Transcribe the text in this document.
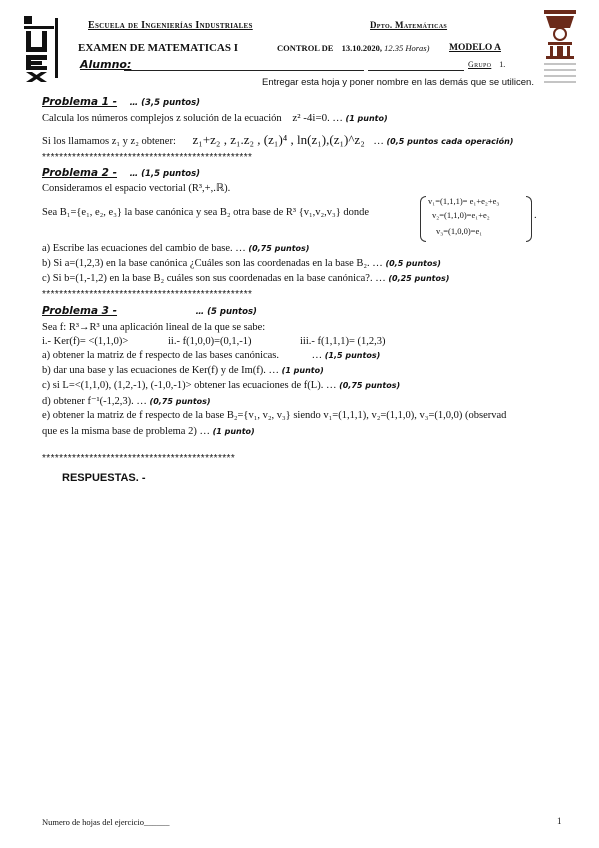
Escuela de Ingenierías Industriales	Dpto. Matemáticas
EXAMEN DE MATEMATICAS I	CONTROL DE 13.10.2020, 12.35 Horas) MODELO A
Alumno:	Grupo 1.
Entregar esta hoja y poner nombre en las demás que se utilicen.
Problema 1 - … (3,5 puntos)
Calcula los números complejos z solución de la ecuación z² -4i=0. … (1 punto)
Si los llamamos z₁ y z₂ obtener: z₁+z₂ , z₁.z₂ , (z₁)⁴ , ln(z₁),(z₁)^z₂ … (0,5 puntos cada operación)
*************************************************
Problema 2 - … (1,5 puntos)
Consideramos el espacio vectorial (R³,+,.ℝ).
Sea B₁={e₁, e₂, e₃} la base canónica y sea B₂ otra base de R³ {v₁,v₂,v₃} donde
v₁=(1,1,1)= e₁+e₂+e₃
v₂=(1,1,0)=e₁+e₂
v₃=(1,0,0)=e₁
.
a) Escribe las ecuaciones del cambio de base. … (0,75 puntos)
b) Si a=(1,2,3) en la base canónica ¿Cuáles son las coordenadas en la base B₂. … (0,5 puntos)
c) Si b=(1,-1,2) en la base B₂ cuáles son sus coordenadas en la base canónica?. … (0,25 puntos)
*************************************************
Problema 3 -	… (5 puntos)
Sea f: R³→R³ una aplicación lineal de la que se sabe:
i.- Ker(f)= <(1,1,0)>	ii.- f(1,0,0)=(0,1,-1)	iii.- f(1,1,1)= (1,2,3)
a) obtener la matriz de f respecto de las bases canónicas.	… (1,5 puntos)
b) dar una base y las ecuaciones de Ker(f) y de Im(f). … (1 punto)
c) si L=<(1,1,0), (1,2,-1), (-1,0,-1)> obtener las ecuaciones de f(L). … (0,75 puntos)
d) obtener f⁻¹(-1,2,3). … (0,75 puntos)
e) obtener la matriz de f respecto de la base B₂={v₁, v₂, v₃} siendo v₁=(1,1,1), v₂=(1,1,0), v₃=(1,0,0) (observad
que es la misma base de problema 2) … (1 punto)
*********************************************
RESPUESTAS. -
Numero de hojas del ejercicio______	1
